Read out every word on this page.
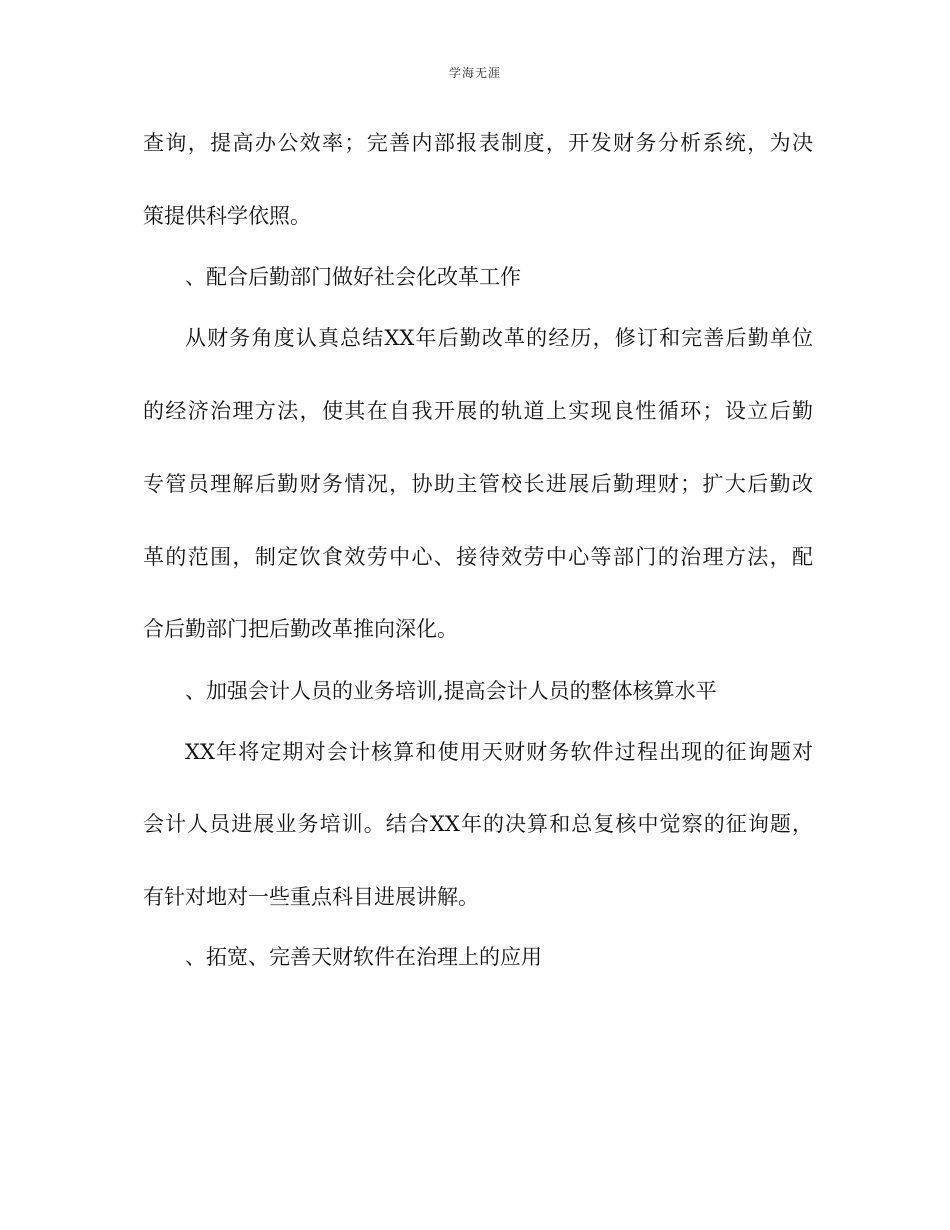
学海无涯
查询，提高办公效率；完善内部报表制度，开发财务分析系统，为决
策提供科学依照。
、配合后勤部门做好社会化改革工作
从财务角度认真总结XX年后勤改革的经历，修订和完善后勤单位
的经济治理方法，使其在自我开展的轨道上实现良性循环；设立后勤
专管员理解后勤财务情况，协助主管校长进展后勤理财；扩大后勤改
革的范围，制定饮食效劳中心、接待效劳中心等部门的治理方法，配
合后勤部门把后勤改革推向深化。
、加强会计人员的业务培训,提高会计人员的整体核算水平
XX年将定期对会计核算和使用天财财务软件过程出现的征询题对
会计人员进展业务培训。结合XX年的决算和总复核中觉察的征询题，
有针对地对一些重点科目进展讲解。
、拓宽、完善天财软件在治理上的应用
